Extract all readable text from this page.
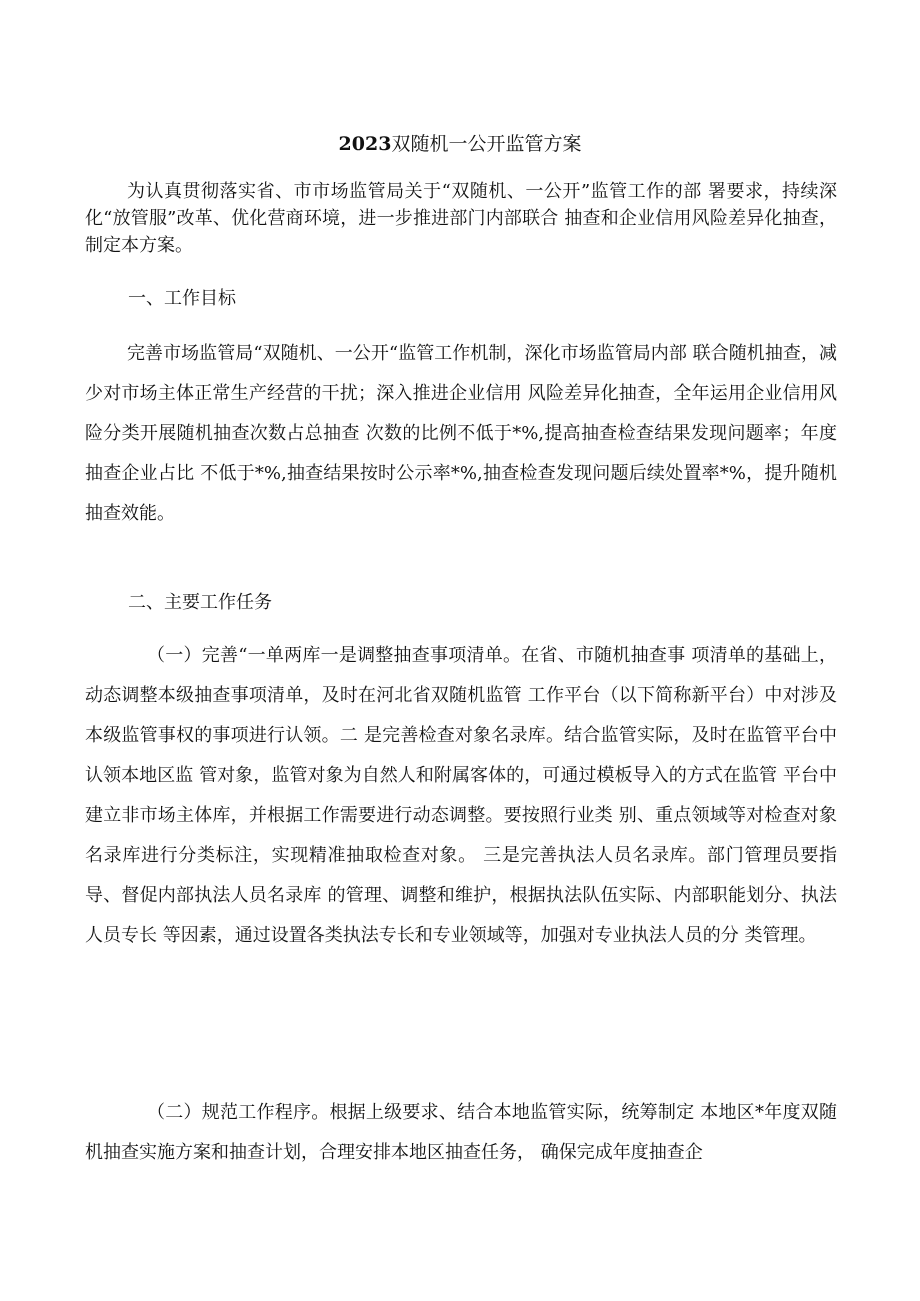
2023双随机一公开监管方案

为认真贯彻落实省、市市场监管局关于“双随机、一公开”监管工作的部 署要求，持续深化“放管服”改革、优化营商环境，进一步推进部门内部联合 抽查和企业信用风险差异化抽查，制定本方案。

一、工作目标

完善市场监管局“双随机、一公开“监管工作机制，深化市场监管局内部 联合随机抽查，减少对市场主体正常生产经营的干扰；深入推进企业信用 风险差异化抽查，全年运用企业信用风险分类开展随机抽查次数占总抽查 次数的比例不低于*%,提高抽查检查结果发现问题率；年度抽查企业占比 不低于*%,抽查结果按时公示率*%,抽查检查发现问题后续处置率*%，提升随机抽查效能。

二、主要工作任务

（一）完善“一单两库一是调整抽查事项清单。在省、市随机抽查事 项清单的基础上，动态调整本级抽查事项清单，及时在河北省双随机监管 工作平台（以下简称新平台）中对涉及本级监管事权的事项进行认领。二 是完善检查对象名录库。结合监管实际，及时在监管平台中认领本地区监 管对象，监管对象为自然人和附属客体的，可通过模板导入的方式在监管 平台中建立非市场主体库，并根据工作需要进行动态调整。要按照行业类 别、重点领域等对检查对象名录库进行分类标注，实现精准抽取检查对象。 三是完善执法人员名录库。部门管理员要指导、督促内部执法人员名录库 的管理、调整和维护，根据执法队伍实际、内部职能划分、执法人员专长 等因素，通过设置各类执法专长和专业领域等，加强对专业执法人员的分 类管理。

（二）规范工作程序。根据上级要求、结合本地监管实际，统筹制定 本地区*年度双随机抽查实施方案和抽查计划，合理安排本地区抽查任务， 确保完成年度抽查企
